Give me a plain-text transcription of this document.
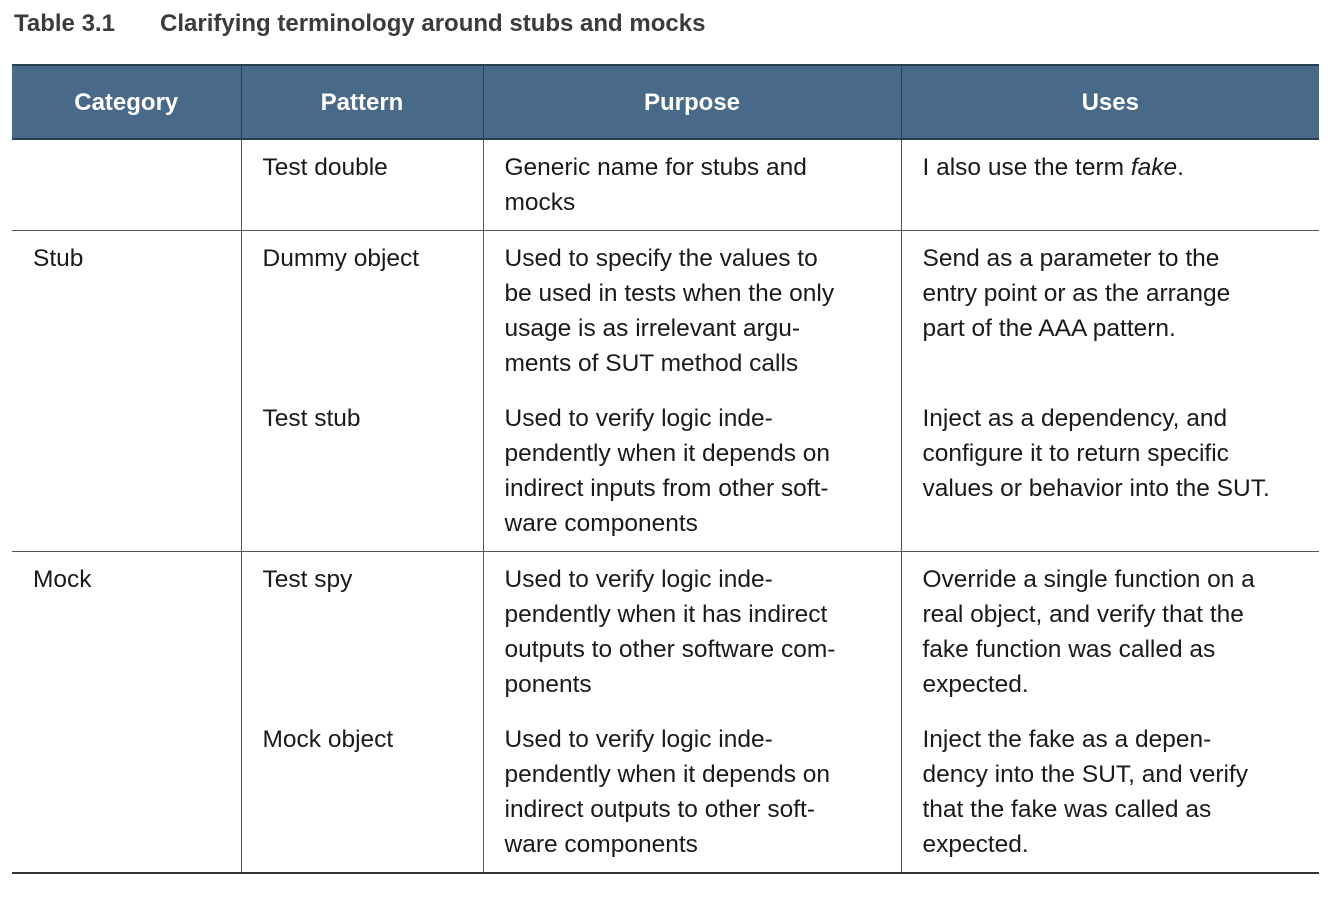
Table 3.1 Clarifying terminology around stubs and mocks
Category	Pattern	Purpose	Uses
	Test double	Generic name for stubs and
mocks	I also use the term fake.
Stub	Dummy object	Used to specify the values to
be used in tests when the only
usage is as irrelevant argu-
ments of SUT method calls	Send as a parameter to the
entry point or as the arrange
part of the AAA pattern.
	Test stub	Used to verify logic inde-
pendently when it depends on
indirect inputs from other soft-
ware components	Inject as a dependency, and
configure it to return specific
values or behavior into the SUT.
Mock	Test spy	Used to verify logic inde-
pendently when it has indirect
outputs to other software com-
ponents	Override a single function on a
real object, and verify that the
fake function was called as
expected.
	Mock object	Used to verify logic inde-
pendently when it depends on
indirect outputs to other soft-
ware components	Inject the fake as a depen-
dency into the SUT, and verify
that the fake was called as
expected.
